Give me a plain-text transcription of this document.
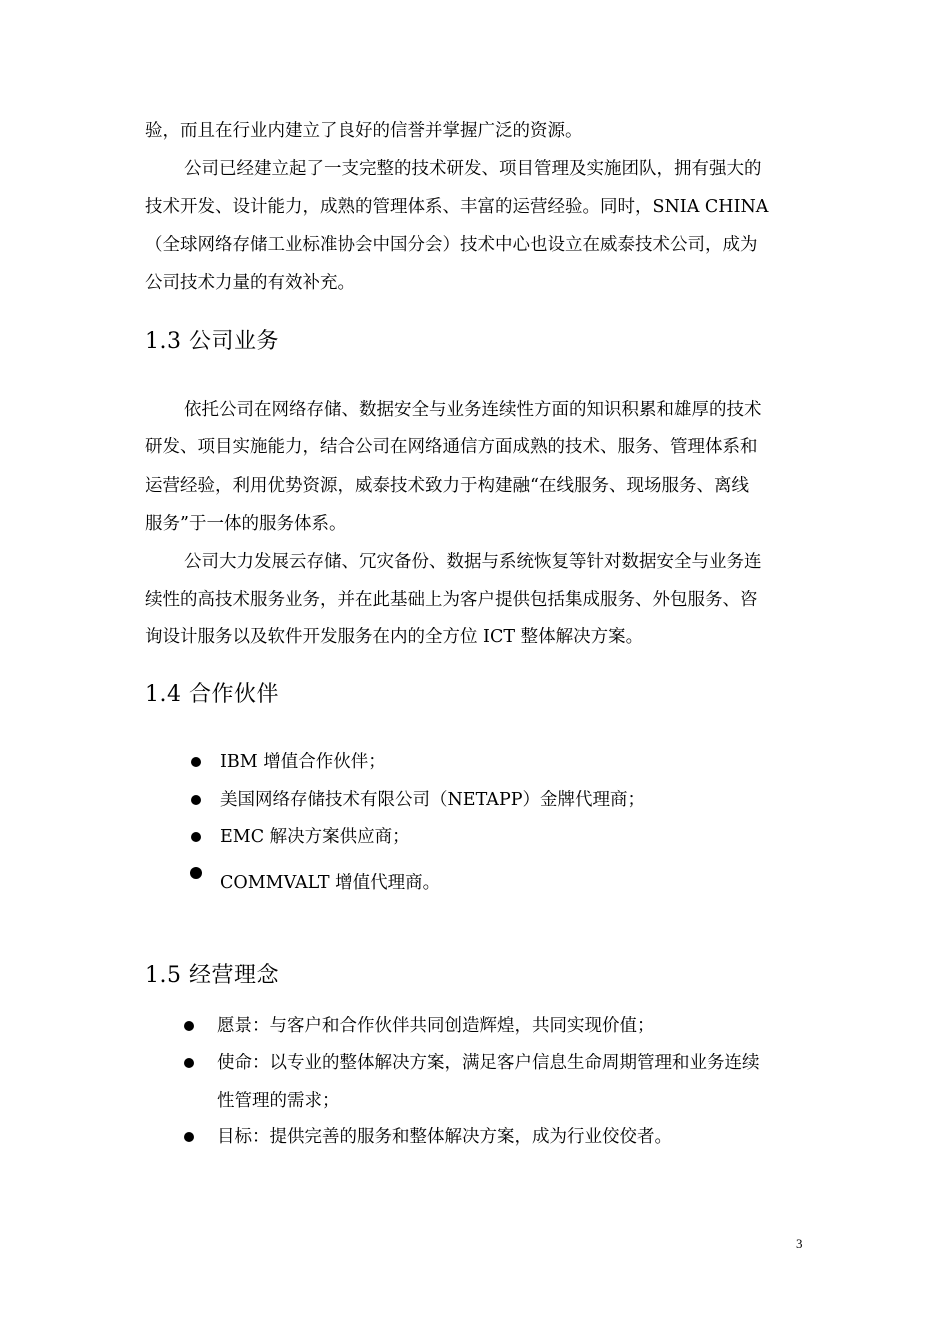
验，而且在行业内建立了良好的信誉并掌握广泛的资源。
公司已经建立起了一支完整的技术研发、项目管理及实施团队，拥有强大的
技术开发、设计能力，成熟的管理体系、丰富的运营经验。同时，SNIA CHINA
（全球网络存储工业标准协会中国分会）技术中心也设立在威泰技术公司，成为
公司技术力量的有效补充。
1.3 公司业务
依托公司在网络存储、数据安全与业务连续性方面的知识积累和雄厚的技术
研发、项目实施能力，结合公司在网络通信方面成熟的技术、服务、管理体系和
运营经验，利用优势资源，威泰技术致力于构建融“在线服务、现场服务、离线
服务”于一体的服务体系。
公司大力发展云存储、冗灾备份、数据与系统恢复等针对数据安全与业务连
续性的高技术服务业务，并在此基础上为客户提供包括集成服务、外包服务、咨
询设计服务以及软件开发服务在内的全方位 ICT 整体解决方案。
1.4 合作伙伴
IBM 增值合作伙伴；
美国网络存储技术有限公司（NETAPP）金牌代理商；
EMC 解决方案供应商；
COMMVALT 增值代理商。
1.5 经营理念
愿景：与客户和合作伙伴共同创造辉煌，共同实现价值；
使命：以专业的整体解决方案，满足客户信息生命周期管理和业务连续
性管理的需求；
目标：提供完善的服务和整体解决方案，成为行业佼佼者。
3
